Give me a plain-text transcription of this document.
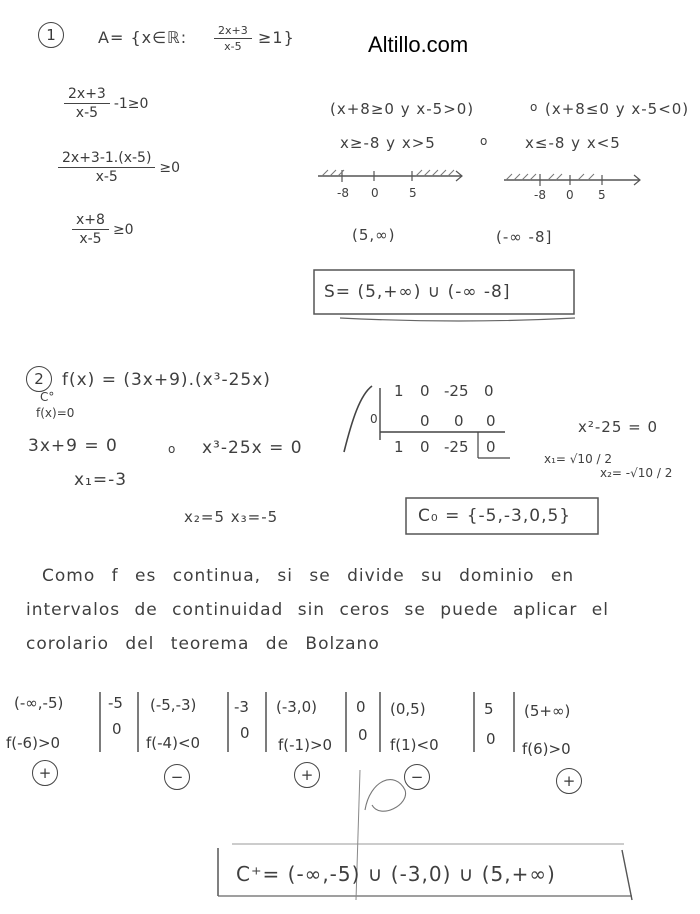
Altillo.com
1	A= {x∈ℝ: $\frac{2x+3}{x-5} \ge 1$}
2x+3
x-5
-1≥0
2x+3-1.(x-5)
x-5
≥0
x+8
x-5
≥0
(x+8≥0 y x-5>0)	o (x+8≤0 y x-5<0)
x≥-8 y x>5	o x≤-8 y x<5
-8 0	5	-8 0 5
(5,∞)	(-∞ -8]
S= (5,+∞) ∪ (-∞ -8]
2	f(x) = (3x+9).(x³-25x)
C°
f(x)=0
3x+9 = 0	o x³-25x = 0
x₁=-3
1 0 -25 0
0	0 0 0
1 0 -25 0
x²-25 = 0
x₁= √10 / 2
x₂= -√10 / 2
x₂=5 x₃=-5	C₀ = {-5,-3,0,5}
Como f es continua, si se divide su dominio en
intervalos de continuidad sin ceros se puede aplicar el
corolario del teorema de Bolzano
(-∞,-5)
f(-6)>0
+
-5
0
(-5,-3)
f(-4)<0
−
-3
0
(-3,0)
f(-1)>0
+
0
0
(0,5)
f(1)<0
−
5
0
(5+∞)
f(6)>0
+
C⁺= (-∞,-5) ∪ (-3,0) ∪ (5,+∞)
